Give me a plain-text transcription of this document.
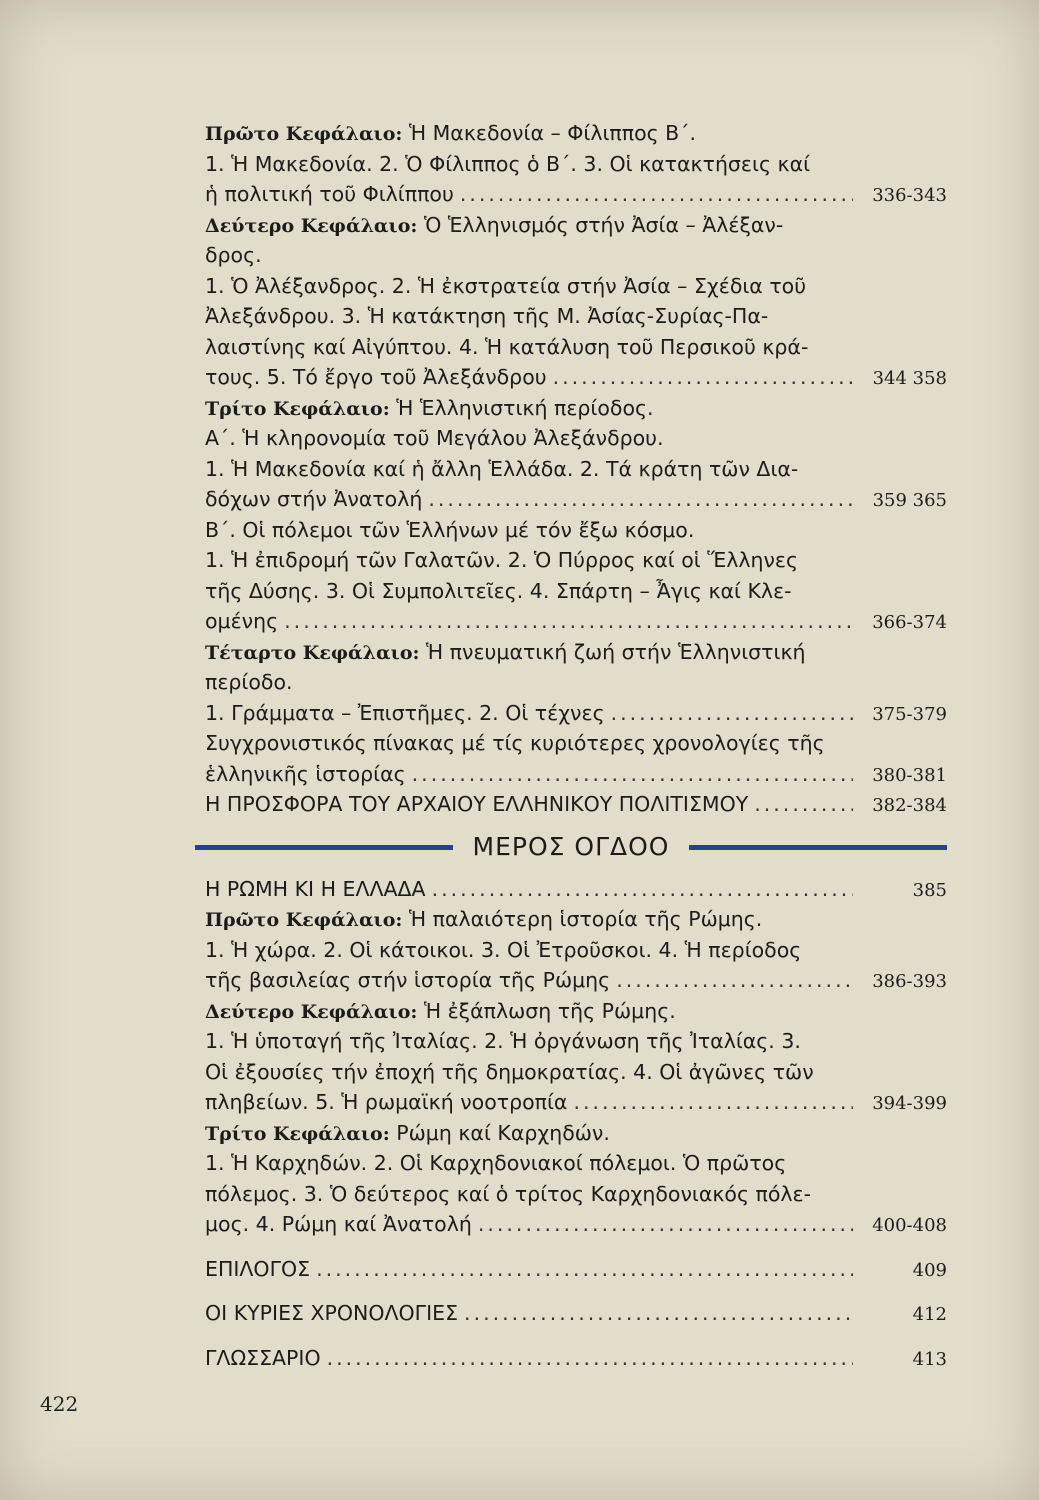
Πρῶτο Κεφάλαιο: Ἡ Μακεδονία – Φίλιππος Β΄.
1. Ἡ Μακεδονία. 2. Ὁ Φίλιππος ὁ Β΄. 3. Οἱ κατακτήσεις καί
ἡ πολιτική τοῦ Φιλίππου .....	336-343
Δεύτερο Κεφάλαιο: Ὁ Ἑλληνισμός στήν Ἀσία – Ἀλέξαν-
δρος.
1. Ὁ Ἀλέξανδρος. 2. Ἡ ἐκστρατεία στήν Ἀσία – Σχέδια τοῦ
Ἀλεξάνδρου. 3. Ἡ κατάκτηση τῆς Μ. Ἀσίας-Συρίας-Πα-
λαιστίνης καί Αἰγύπτου. 4. Ἡ κατάλυση τοῦ Περσικοῦ κρά-
τους. 5. Τό ἔργο τοῦ Ἀλεξάνδρου .....	344 358
Τρίτο Κεφάλαιο: Ἡ Ἑλληνιστική περίοδος.
Α΄. Ἡ κληρονομία τοῦ Μεγάλου Ἀλεξάνδρου.
1. Ἡ Μακεδονία καί ἡ ἄλλη Ἑλλάδα. 2. Τά κράτη τῶν Δια-
δόχων στήν Ἀνατολή .....	359 365
Β΄. Οἱ πόλεμοι τῶν Ἑλλήνων μέ τόν ἔξω κόσμο.
1. Ἡ ἐπιδρομή τῶν Γαλατῶν. 2. Ὁ Πύρρος καί οἱ Ἕλληνες
τῆς Δύσης. 3. Οἱ Συμπολιτεῖες. 4. Σπάρτη – Ἆγις καί Κλε-
ομένης .....	366-374
Τέταρτο Κεφάλαιο: Ἡ πνευματική ζωή στήν Ἑλληνιστική
περίοδο.
1. Γράμματα – Ἐπιστῆμες. 2. Οἱ τέχνες .....	375-379
Συγχρονιστικός πίνακας μέ τίς κυριότερες χρονολογίες τῆς
ἑλληνικῆς ἱστορίας .....	380-381
Η ΠΡΟΣΦΟΡΑ ΤΟΥ ΑΡΧΑΙΟΥ ΕΛΛΗΝΙΚΟΥ ΠΟΛΙΤΙΣΜΟΥ .....	382-384
ΜΕΡΟΣ ΟΓΔΟΟ
Η ΡΩΜΗ ΚΙ Η ΕΛΛΑΔΑ .....	385
Πρῶτο Κεφάλαιο: Ἡ παλαιότερη ἱστορία τῆς Ρώμης.
1. Ἡ χώρα. 2. Οἱ κάτοικοι. 3. Οἱ Ἐτροῦσκοι. 4. Ἡ περίοδος
τῆς βασιλείας στήν ἱστορία τῆς Ρώμης .....	386-393
Δεύτερο Κεφάλαιο: Ἡ ἐξάπλωση τῆς Ρώμης.
1. Ἡ ὑποταγή τῆς Ἰταλίας. 2. Ἡ ὀργάνωση τῆς Ἰταλίας. 3.
Οἱ ἐξουσίες τήν ἐποχή τῆς δημοκρατίας. 4. Οἱ ἀγῶνες τῶν
πληβείων. 5. Ἡ ρωμαϊκή νοοτροπία .....	394-399
Τρίτο Κεφάλαιο: Ρώμη καί Καρχηδών.
1. Ἡ Καρχηδών. 2. Οἱ Καρχηδονιακοί πόλεμοι. Ὁ πρῶτος
πόλεμος. 3. Ὁ δεύτερος καί ὁ τρίτος Καρχηδονιακός πόλε-
μος. 4. Ρώμη καί Ἀνατολή .....	400-408
ΕΠΙΛΟΓΟΣ .....	409
ΟΙ ΚΥΡΙΕΣ ΧΡΟΝΟΛΟΓΙΕΣ .....	412
ΓΛΩΣΣΑΡΙΟ .....	413
422
